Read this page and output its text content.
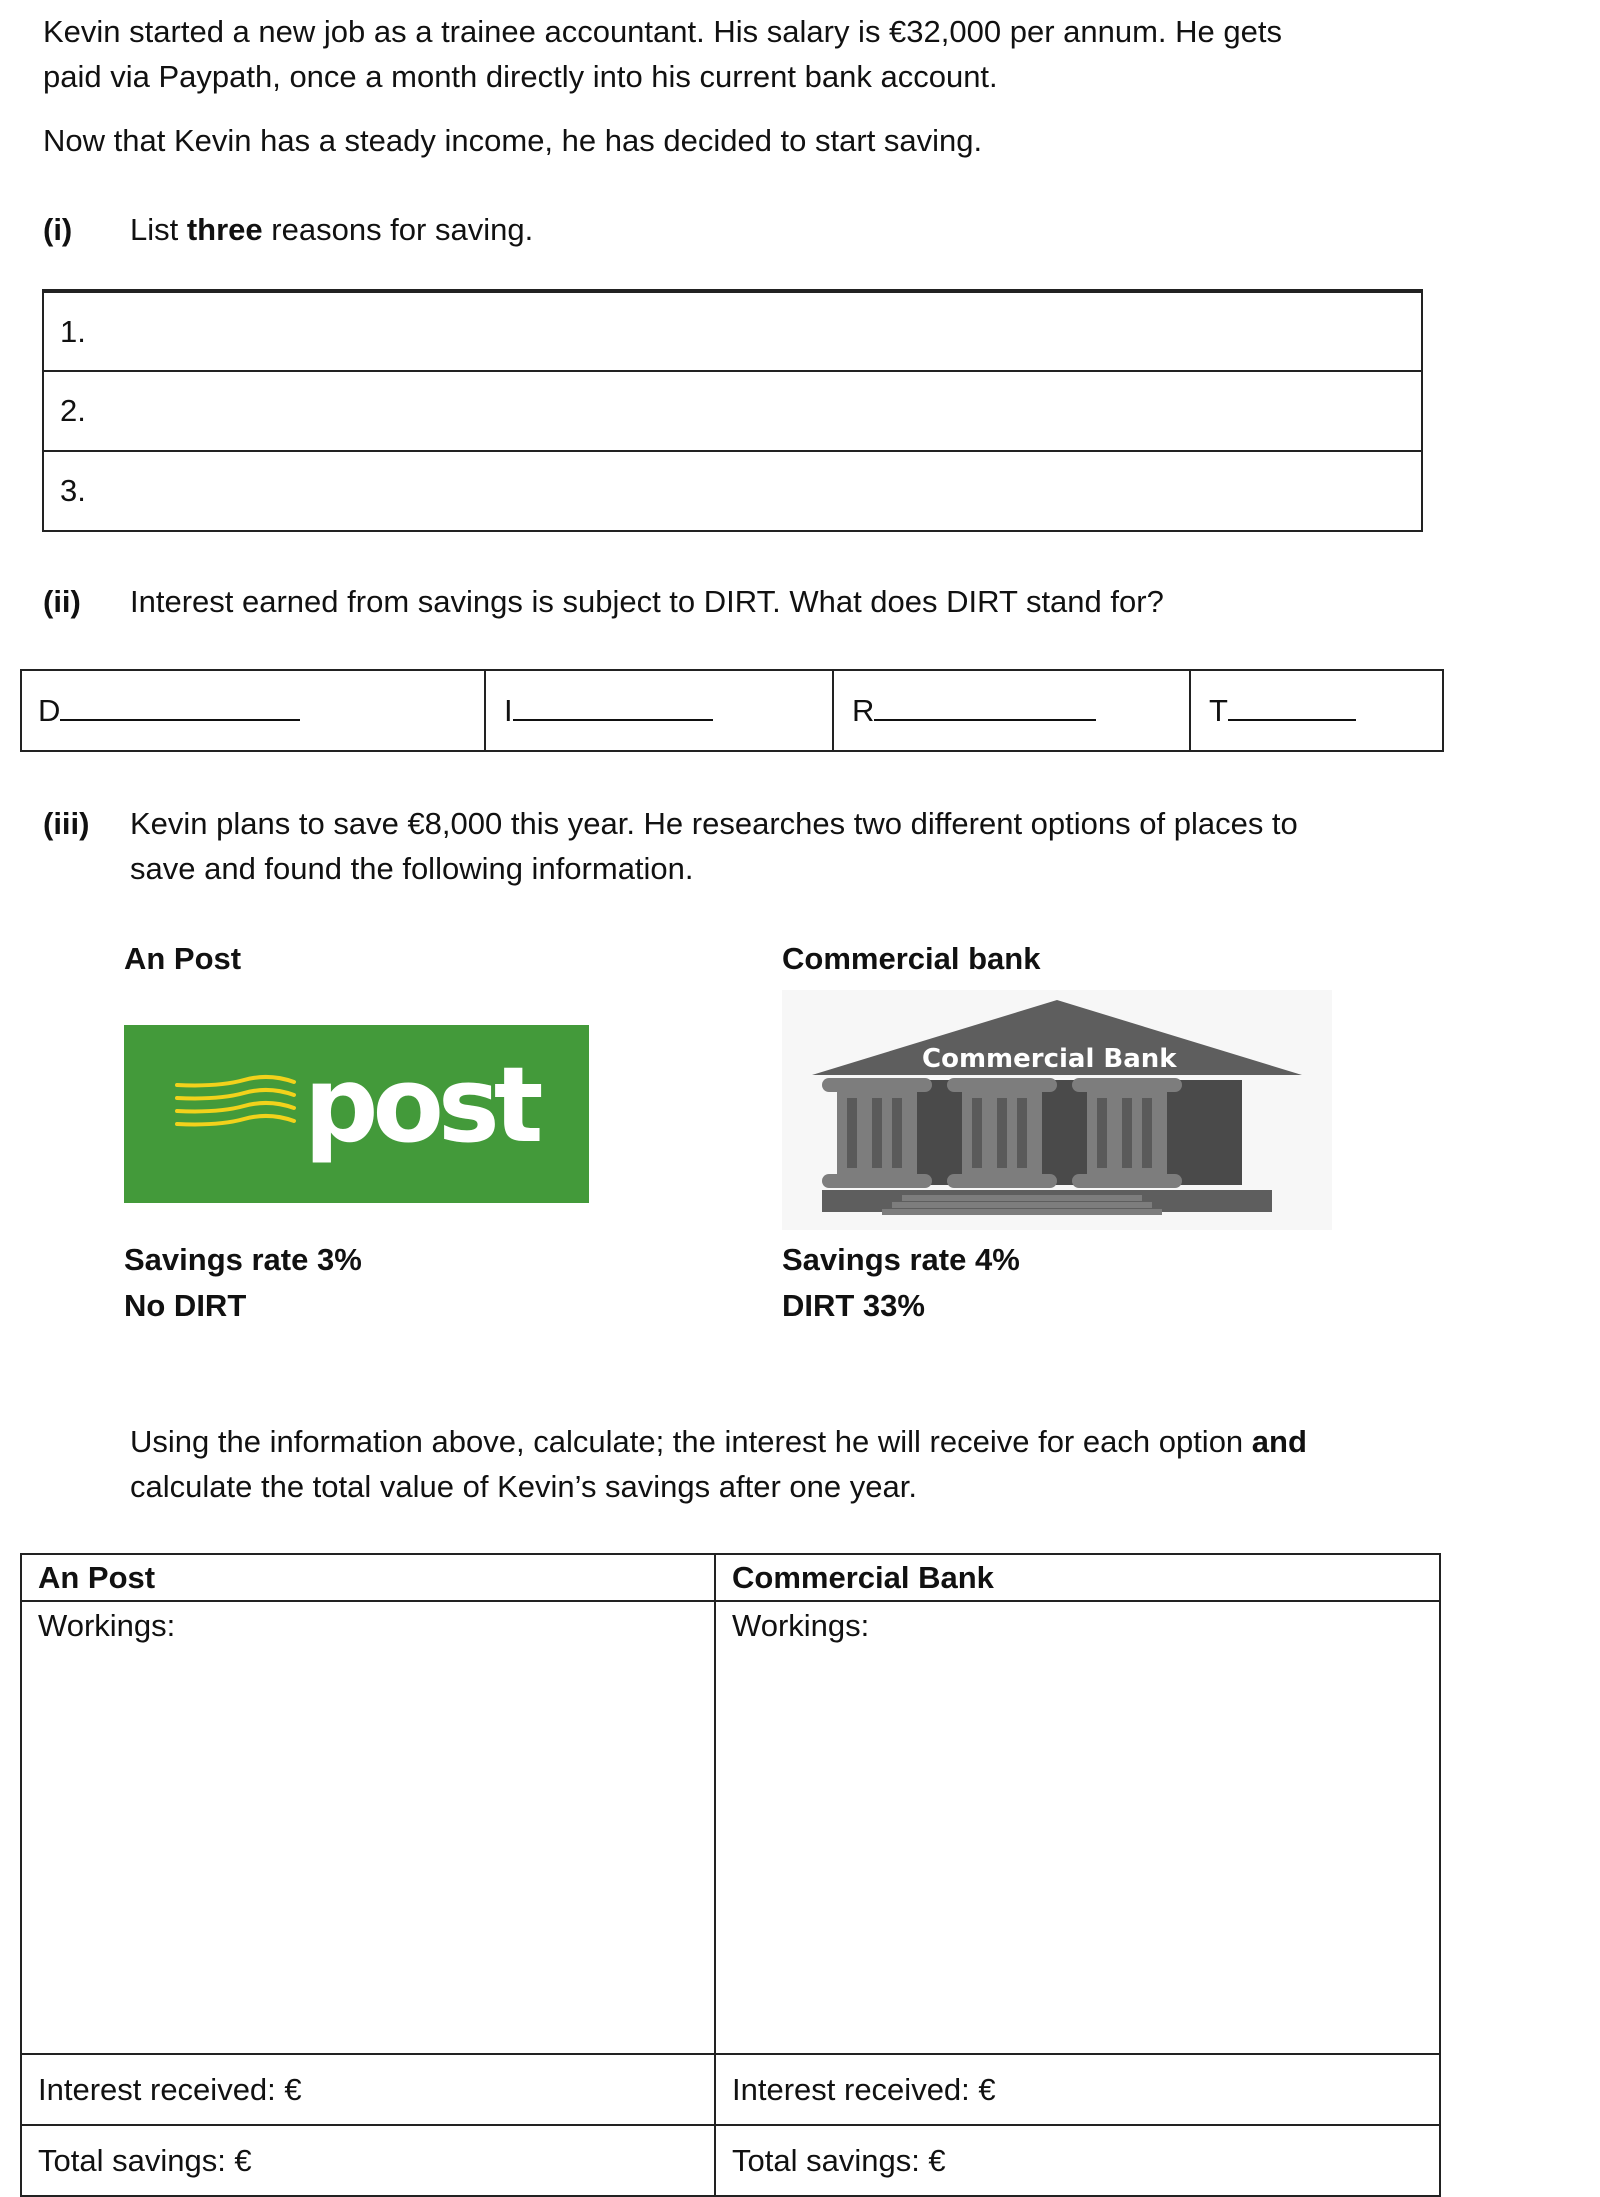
Kevin started a new job as a trainee accountant. His salary is €32,000 per annum. He gets
paid via Paypath, once a month directly into his current bank account.
Now that Kevin has a steady income, he has decided to start saving.
(i) List three reasons for saving.
1.
2.
3.
(ii) Interest earned from savings is subject to DIRT. What does DIRT stand for?
D	I	R	T
(iii) Kevin plans to save €8,000 this year. He researches two different options of places to
save and found the following information.
An Post	Commercial bank
post	Commercial Bank
Savings rate 3%
No DIRT
Savings rate 4%
DIRT 33%
Using the information above, calculate; the interest he will receive for each option and
calculate the total value of Kevin’s savings after one year.
An Post	Commercial Bank
Workings:	Workings:
Interest received: €	Interest received: €
Total savings: €	Total savings: €
